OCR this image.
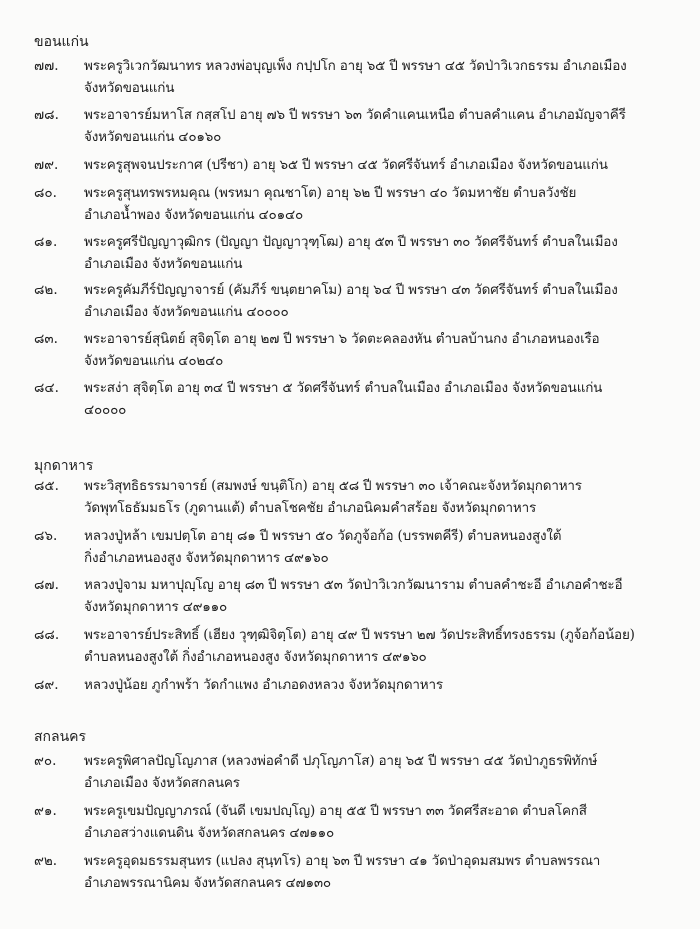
ขอนแก่น
๗๗.	พระครูวิเวกวัฒนาทร หลวงพ่อบุญเพ็ง กปฺปโก อายุ ๖๕ ปี พรรษา ๔๕ วัดป่าวิเวกธรรม อำเภอเมือง
จังหวัดขอนแก่น
๗๘.	พระอาจารย์มหาโส กสฺสโป อายุ ๗๖ ปี พรรษา ๖๓ วัดคำแคนเหนือ ตำบลคำแคน อำเภอมัญจาคีรี
จังหวัดขอนแก่น ๔๐๑๖๐
๗๙.	พระครูสุพจนประกาศ (ปรีชา) อายุ ๖๕ ปี พรรษา ๔๕ วัดศรีจันทร์ อำเภอเมือง จังหวัดขอนแก่น
๘๐.	พระครูสุนทรพรหมคุณ (พรหมา คุณชาโต) อายุ ๖๒ ปี พรรษา ๔๐ วัดมหาชัย ตำบลวังชัย
อำเภอน้ำพอง จังหวัดขอนแก่น ๔๐๑๔๐
๘๑.	พระครูศรีปัญญาวุฒิกร (ปัญญา ปัญญาวุฑฺโฒ) อายุ ๕๓ ปี พรรษา ๓๐ วัดศรีจันทร์ ตำบลในเมือง
อำเภอเมือง จังหวัดขอนแก่น
๘๒.	พระครูคัมภีร์ปัญญาจารย์ (คัมภีร์ ขนฺตยาคโม) อายุ ๖๔ ปี พรรษา ๔๓ วัดศรีจันทร์ ตำบลในเมือง
อำเภอเมือง จังหวัดขอนแก่น ๔๐๐๐๐
๘๓.	พระอาจารย์สุนิตย์ สุจิตฺโต อายุ ๒๗ ปี พรรษา ๖ วัดตะคลองหัน ตำบลบ้านกง อำเภอหนองเรือ
จังหวัดขอนแก่น ๔๐๒๔๐
๘๔.	พระสง่า สุจิตฺโต อายุ ๓๔ ปี พรรษา ๕ วัดศรีจันทร์ ตำบลในเมือง อำเภอเมือง จังหวัดขอนแก่น
๔๐๐๐๐
มุกดาหาร
๘๕.	พระวิสุทธิธรรมาจารย์ (สมพงษ์ ขนฺติโก) อายุ ๕๘ ปี พรรษา ๓๐ เจ้าคณะจังหวัดมุกดาหาร
วัดพุทโธธัมมธโร (ภูดานแต้) ตำบลโชคชัย อำเภอนิคมคำสร้อย จังหวัดมุกดาหาร
๘๖.	หลวงปู่หล้า เขมปตฺโต อายุ ๘๑ ปี พรรษา ๕๐ วัดภูจ้อก้อ (บรรพตคีรี) ตำบลหนองสูงใต้
กิ่งอำเภอหนองสูง จังหวัดมุกดาหาร ๔๙๑๖๐
๘๗.	หลวงปู่จาม มหาปุญฺโญ อายุ ๘๓ ปี พรรษา ๕๓ วัดป่าวิเวกวัฒนาราม ตำบลคำชะอี อำเภอคำชะอี
จังหวัดมุกดาหาร ๔๙๑๑๐
๘๘.	พระอาจารย์ประสิทธิ์ (เฮียง วุฑฺฒิจิตฺโต) อายุ ๔๙ ปี พรรษา ๒๗ วัดประสิทธิ์ทรงธรรม (ภูจ้อก้อน้อย)
ตำบลหนองสูงใต้ กิ่งอำเภอหนองสูง จังหวัดมุกดาหาร ๔๙๑๖๐
๘๙.	หลวงปู่น้อย ภูกำพร้า วัดกำแพง อำเภอดงหลวง จังหวัดมุกดาหาร
สกลนคร
๙๐.	พระครูพิศาลปัญโญภาส (หลวงพ่อคำดี ปภุโญภาโส) อายุ ๖๕ ปี พรรษา ๔๕ วัดป่าภูธรพิทักษ์
อำเภอเมือง จังหวัดสกลนคร
๙๑.	พระครูเขมปัญญาภรณ์ (จันดี เขมปญฺโญ) อายุ ๕๕ ปี พรรษา ๓๓ วัดศรีสะอาด ตำบลโคกสี
อำเภอสว่างแดนดิน จังหวัดสกลนคร ๔๗๑๑๐
๙๒.	พระครูอุดมธรรมสุนทร (แปลง สุนฺทโร) อายุ ๖๓ ปี พรรษา ๔๑ วัดป่าอุดมสมพร ตำบลพรรณา
อำเภอพรรณานิคม จังหวัดสกลนคร ๔๗๑๓๐
